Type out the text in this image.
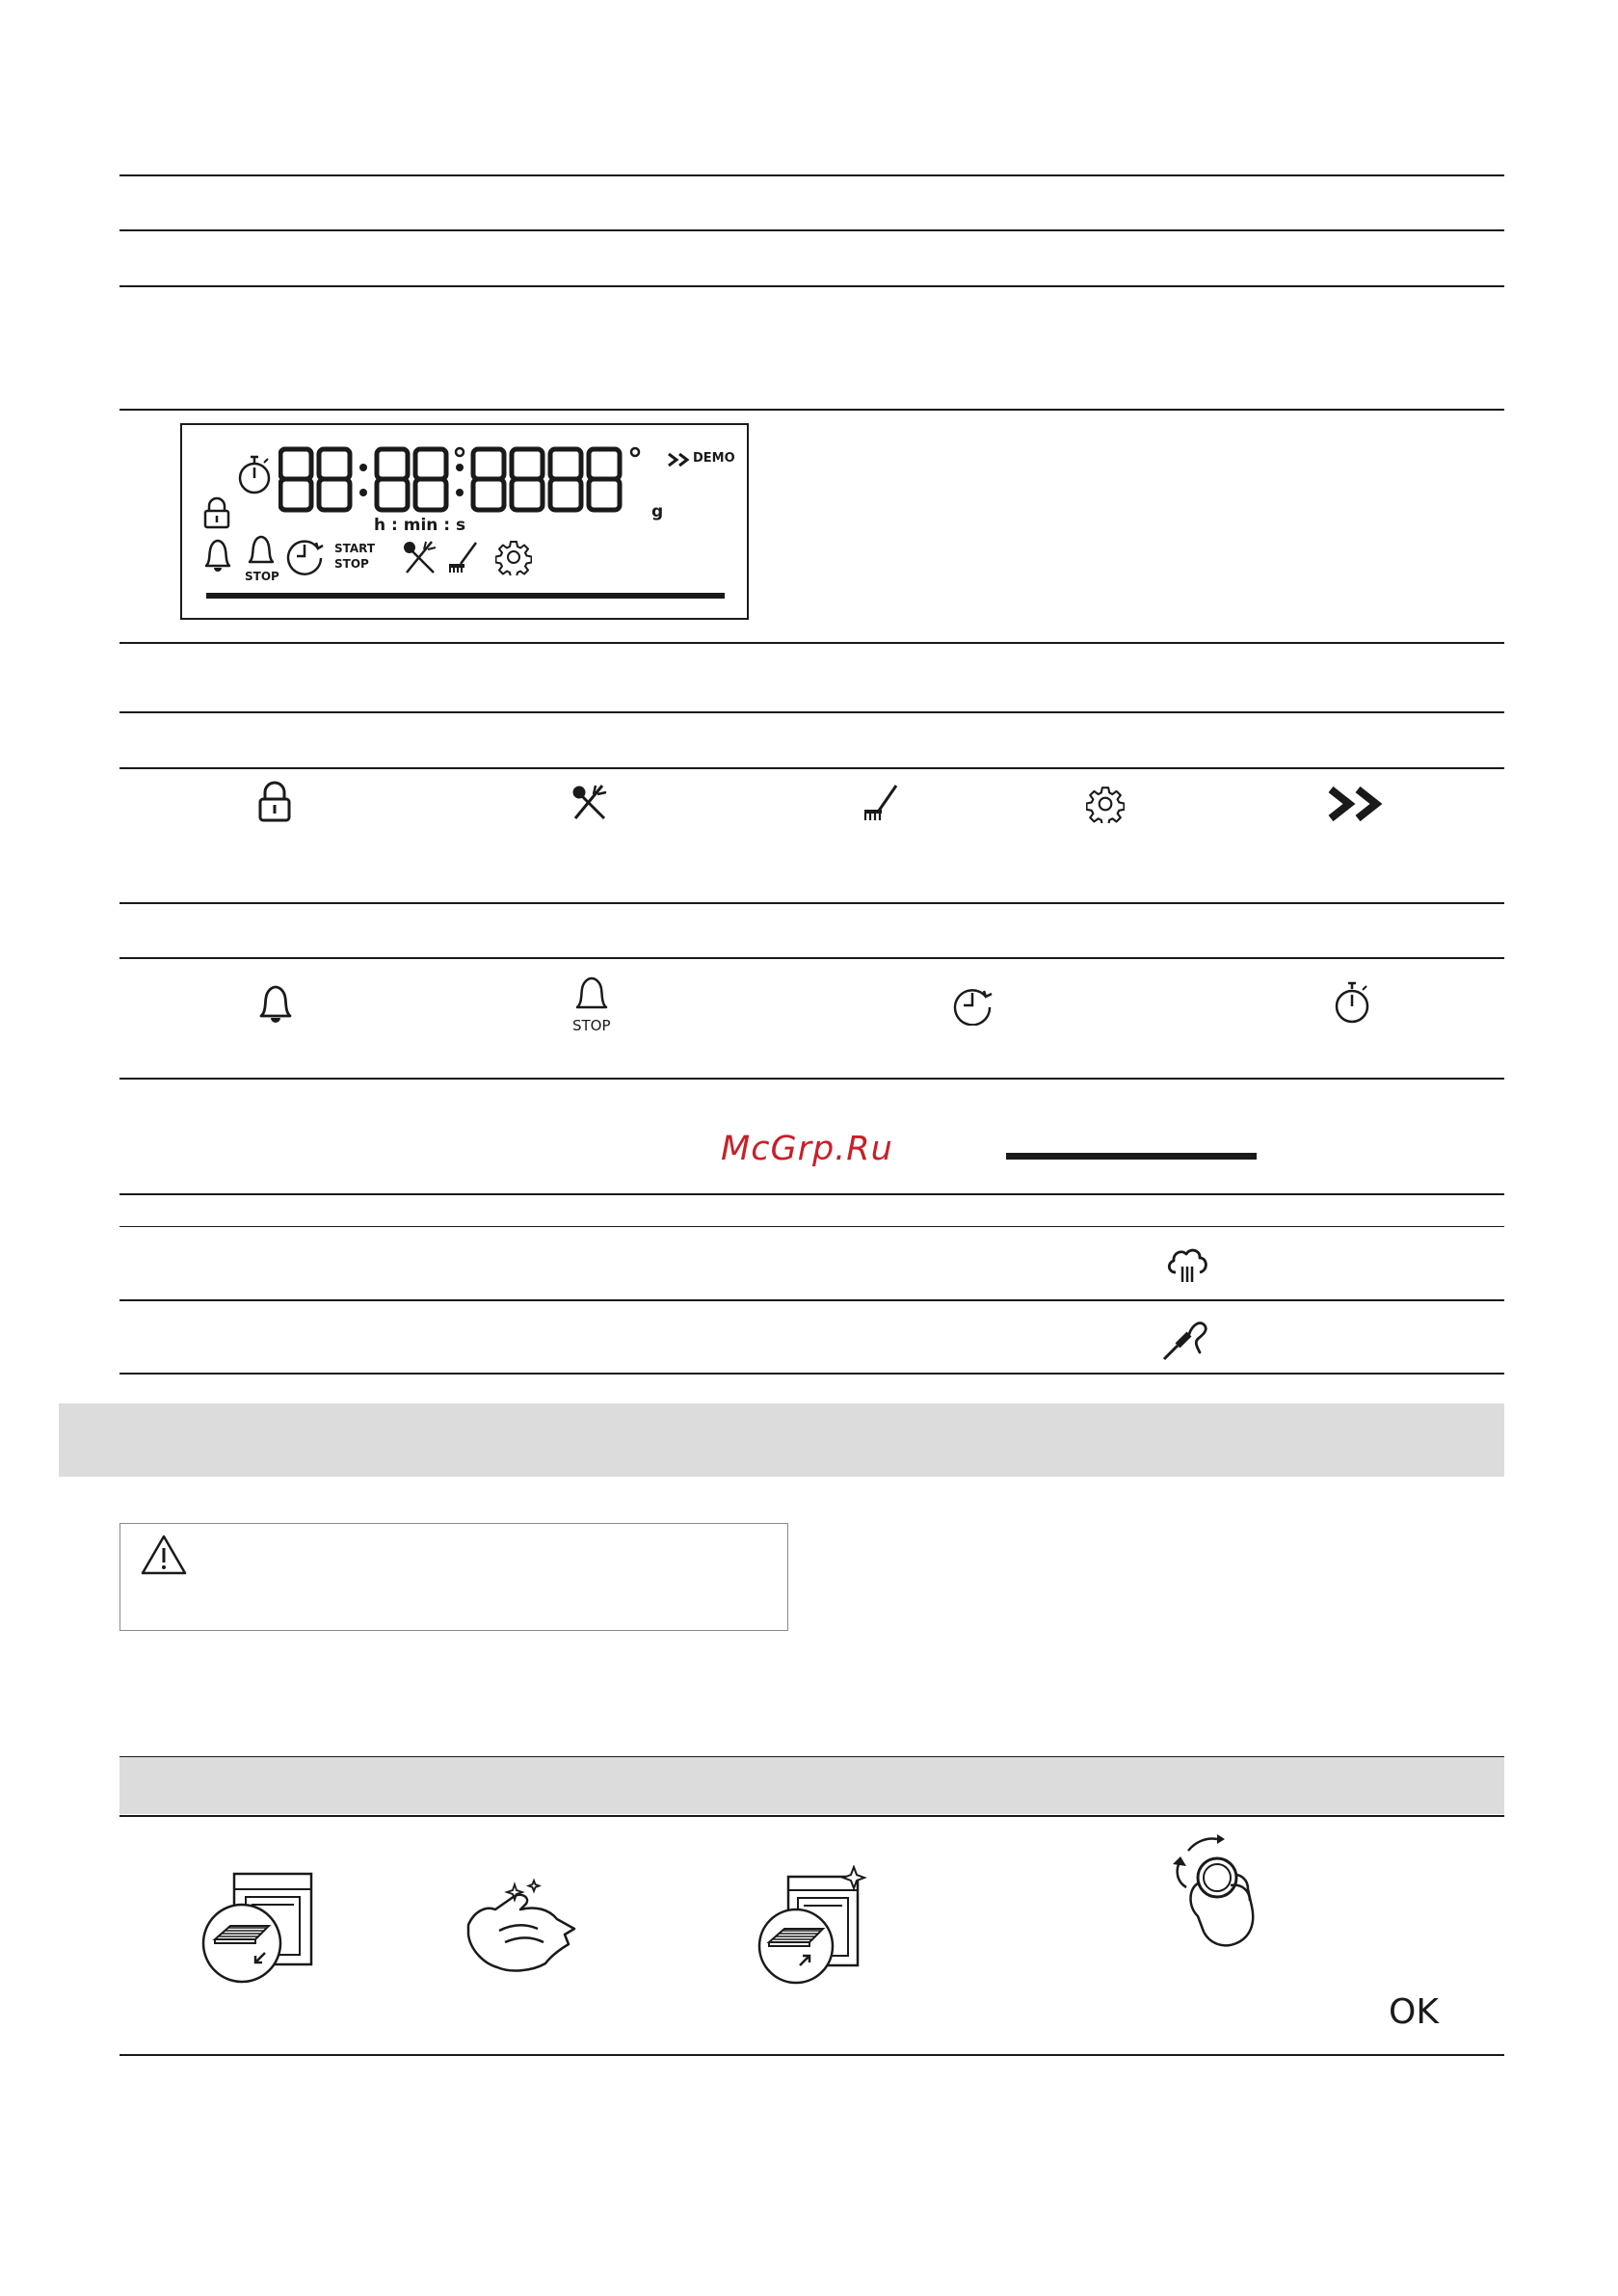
DEMO
g
h : min : s
STOP
START
STOP
STOP
McGrp.Ru
OK
